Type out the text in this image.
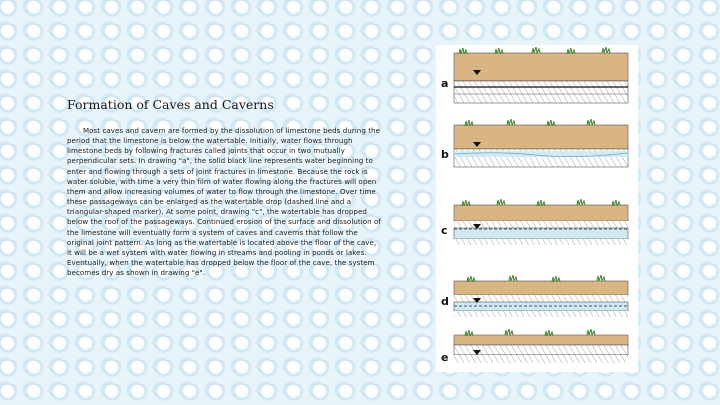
Formation of Caves and Caverns

Most caves and cavern are formed by the dissolution of limestone beds during the period that the limestone is below the watertable. Initially, water flows through limestone beds by following fractures called joints that occur in two mutually perpendicular sets. In drawing "a", the solid black line represents water beginning to enter and flowing through a sets of joint fractures in limestone. Because the rock is water soluble, with time a very thin film of water flowing along the fractures will open them and allow increasing volumes of water to flow through the limestone. Over time these passageways can be enlarged as the watertable drop (dashed line and a triangular-shaped marker). At some point, drawing "c", the watertable has dropped below the roof of the passageways. Continued erosion of the surface and dissolution of the limestone will eventually form a system of caves and caverns that follow the original joint pattern. As long as the watertable is located above the floor of the cave, it will be a wet system with water flowing in streams and pooling in ponds or lakes. Eventually, when the watertable has dropped below the floor of the cave, the system becomes dry as shown in drawing "e".

a
b
c
d
e
